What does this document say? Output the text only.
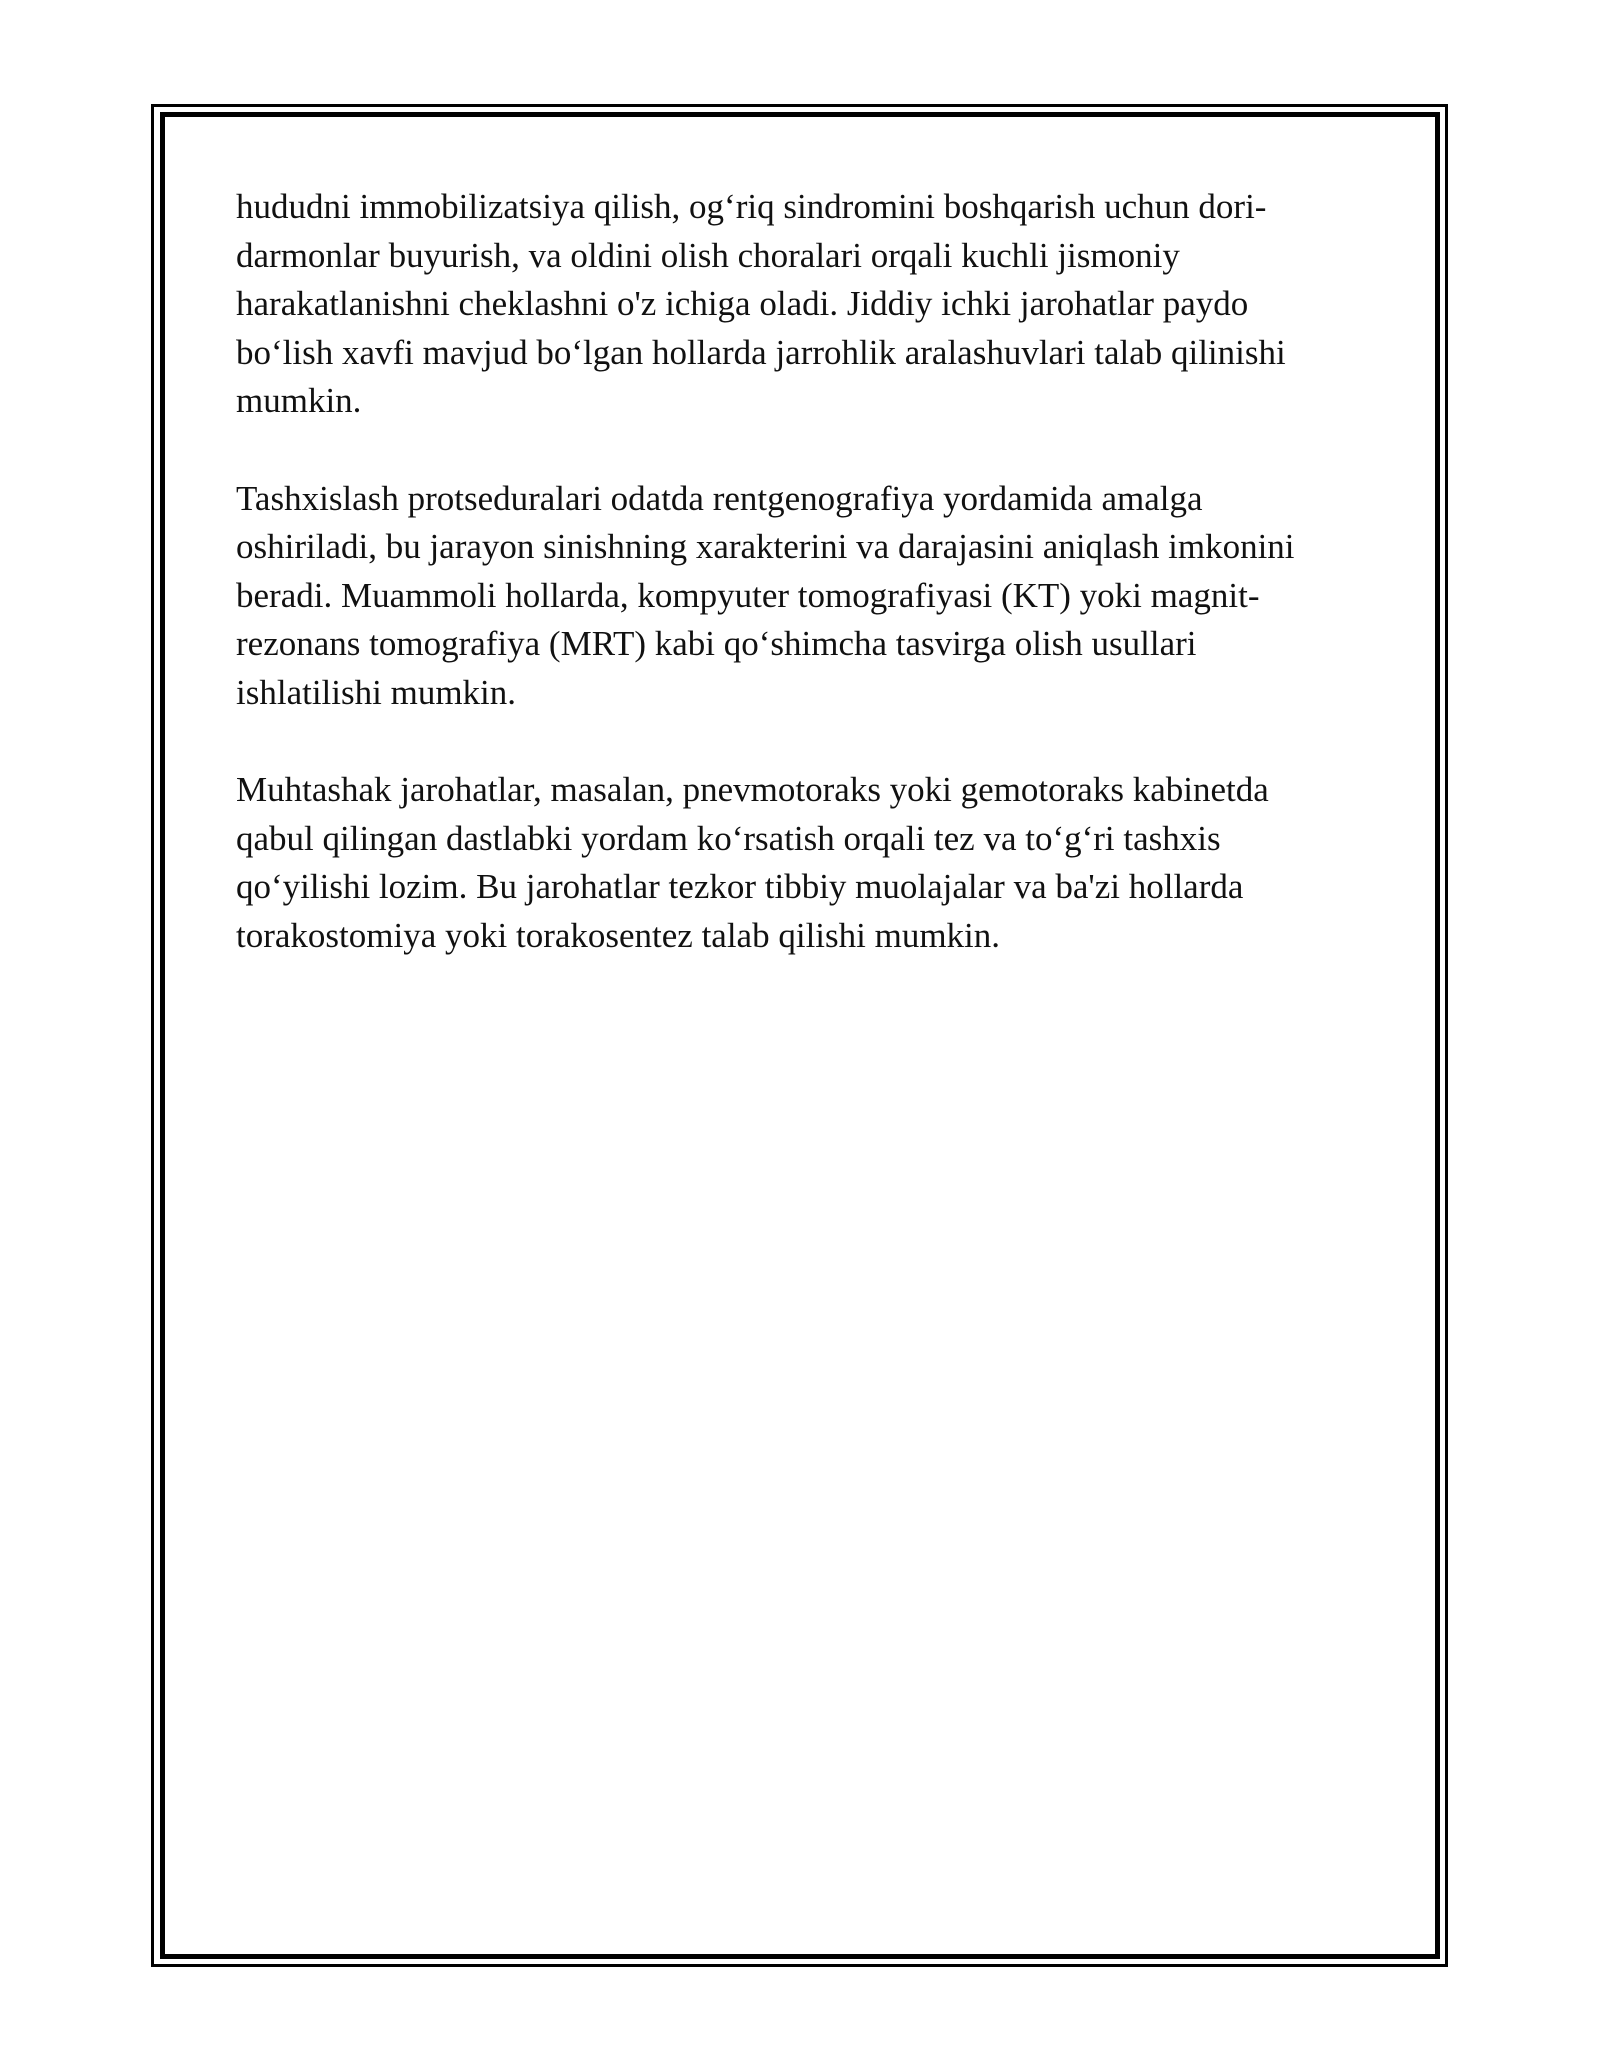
hududni immobilizatsiya qilish, og‘riq sindromini boshqarish uchun dori-
darmonlar buyurish, va oldini olish choralari orqali kuchli jismoniy
harakatlanishni cheklashni o'z ichiga oladi. Jiddiy ichki jarohatlar paydo
bo‘lish xavfi mavjud bo‘lgan hollarda jarrohlik aralashuvlari talab qilinishi
mumkin.

Tashxislash protseduralari odatda rentgenografiya yordamida amalga
oshiriladi, bu jarayon sinishning xarakterini va darajasini aniqlash imkonini
beradi. Muammoli hollarda, kompyuter tomografiyasi (KT) yoki magnit-
rezonans tomografiya (MRT) kabi qo‘shimcha tasvirga olish usullari
ishlatilishi mumkin.

Muhtashak jarohatlar, masalan, pnevmotoraks yoki gemotoraks kabinetda
qabul qilingan dastlabki yordam ko‘rsatish orqali tez va to‘g‘ri tashxis
qo‘yilishi lozim. Bu jarohatlar tezkor tibbiy muolajalar va ba'zi hollarda
torakostomiya yoki torakosentez talab qilishi mumkin.
